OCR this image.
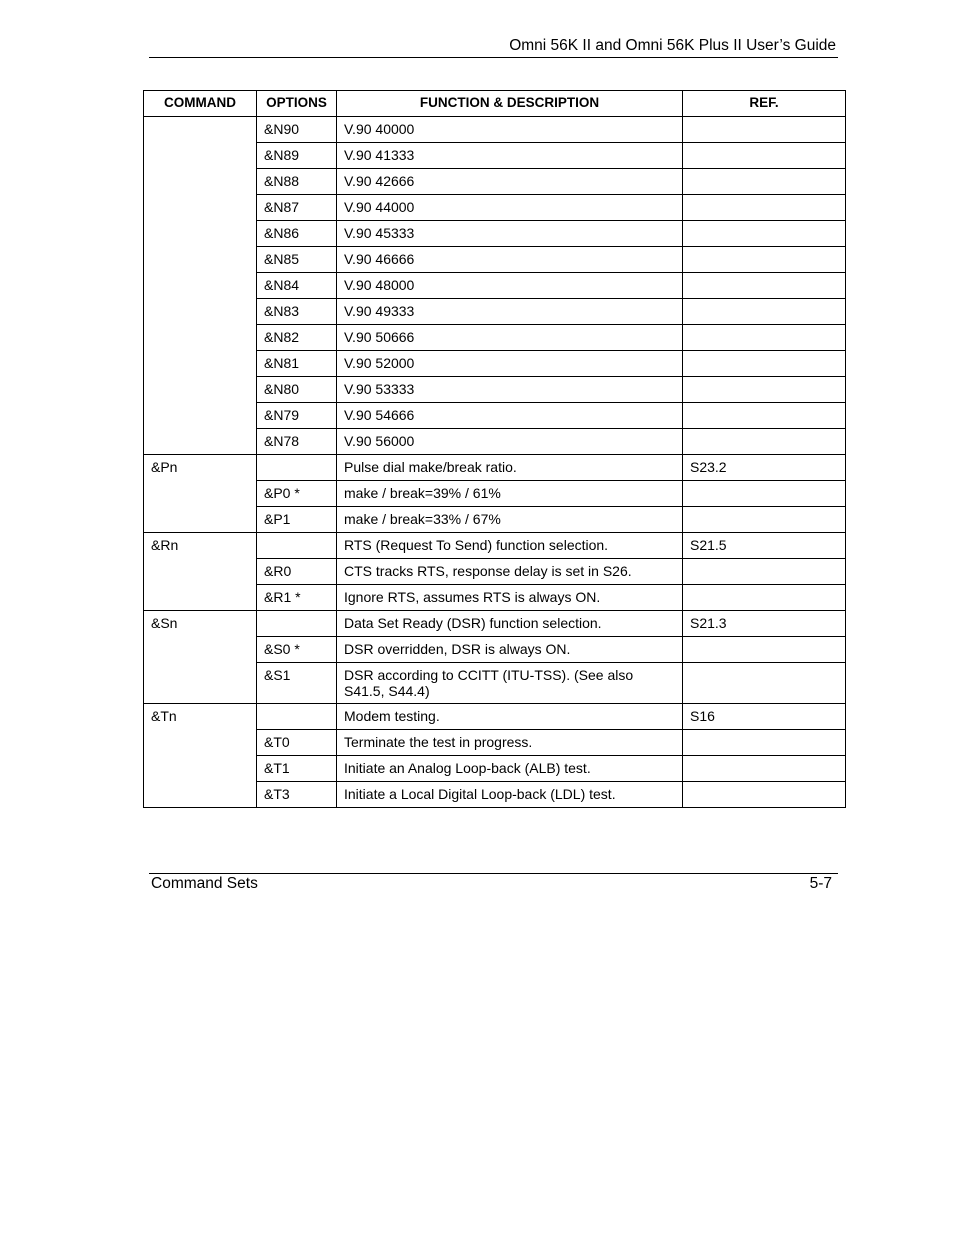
Omni 56K II and Omni 56K Plus II User’s Guide
COMMAND	OPTIONS	FUNCTION & DESCRIPTION	REF.
	&N90	V.90 40000	
	&N89	V.90 41333	
	&N88	V.90 42666	
	&N87	V.90 44000	
	&N86	V.90 45333	
	&N85	V.90 46666	
	&N84	V.90 48000	
	&N83	V.90 49333	
	&N82	V.90 50666	
	&N81	V.90 52000	
	&N80	V.90 53333	
	&N79	V.90 54666	
	&N78	V.90 56000	
&Pn		Pulse dial make/break ratio.	S23.2
	&P0 *	make / break=39% / 61%	
	&P1	make / break=33% / 67%	
&Rn		RTS (Request To Send) function selection.	S21.5
	&R0	CTS tracks RTS, response delay is set in S26.	
	&R1 *	Ignore RTS, assumes RTS is always ON.	
&Sn		Data Set Ready (DSR) function selection.	S21.3
	&S0 *	DSR overridden, DSR is always ON.	
	&S1	DSR according to CCITT (ITU-TSS). (See also S41.5, S44.4)	
&Tn		Modem testing.	S16
	&T0	Terminate the test in progress.	
	&T1	Initiate an Analog Loop-back (ALB) test.	
	&T3	Initiate a Local Digital Loop-back (LDL) test.	
Command Sets	5-7
